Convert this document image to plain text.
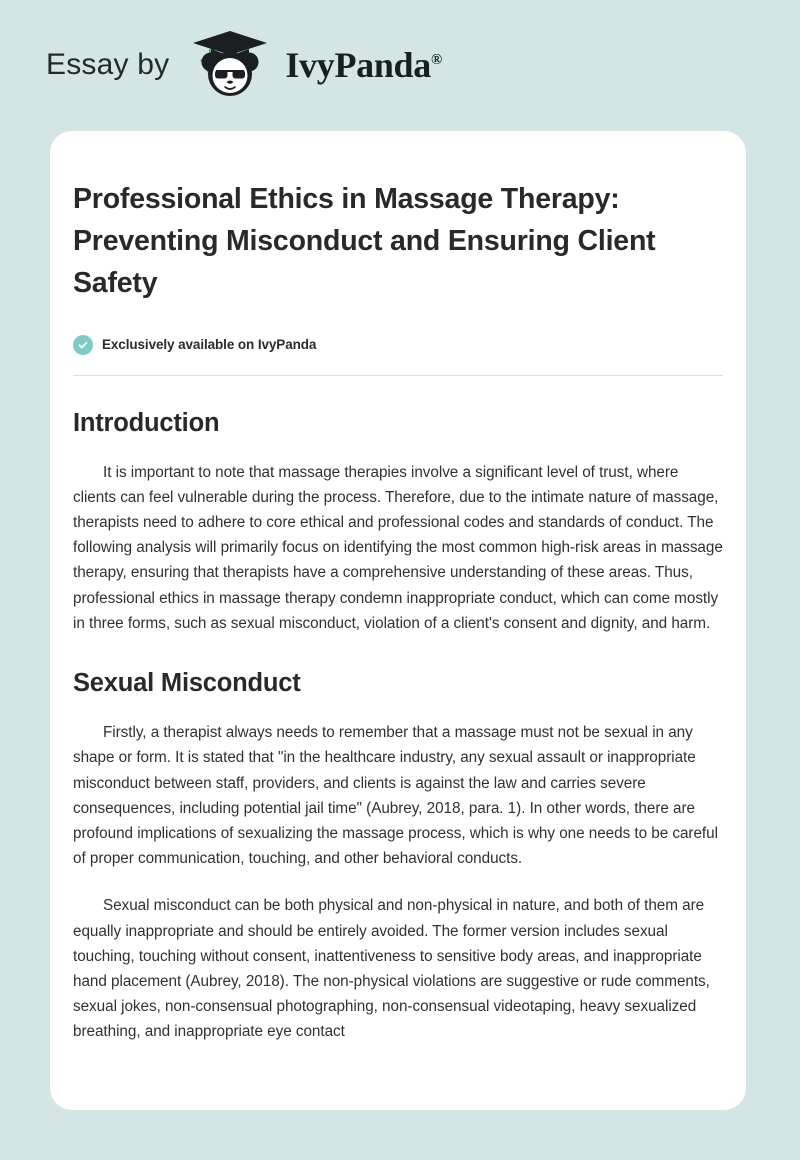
Essay by	IvyPanda®
Professional Ethics in Massage Therapy: Preventing Misconduct and Ensuring Client Safety
Exclusively available on IvyPanda
Introduction

It is important to note that massage therapies involve a significant level of trust, where clients can feel vulnerable during the process. Therefore, due to the intimate nature of massage, therapists need to adhere to core ethical and professional codes and standards of conduct. The following analysis will primarily focus on identifying the most common high-risk areas in massage therapy, ensuring that therapists have a comprehensive understanding of these areas. Thus, professional ethics in massage therapy condemn inappropriate conduct, which can come mostly in three forms, such as sexual misconduct, violation of a client's consent and dignity, and harm.

Sexual Misconduct

Firstly, a therapist always needs to remember that a massage must not be sexual in any shape or form. It is stated that "in the healthcare industry, any sexual assault or inappropriate misconduct between staff, providers, and clients is against the law and carries severe consequences, including potential jail time" (Aubrey, 2018, para. 1). In other words, there are profound implications of sexualizing the massage process, which is why one needs to be careful of proper communication, touching, and other behavioral conducts.

Sexual misconduct can be both physical and non-physical in nature, and both of them are equally inappropriate and should be entirely avoided. The former version includes sexual touching, touching without consent, inattentiveness to sensitive body areas, and inappropriate hand placement (Aubrey, 2018). The non-physical violations are suggestive or rude comments, sexual jokes, non-consensual photographing, non-consensual videotaping, heavy sexualized breathing, and inappropriate eye contact
